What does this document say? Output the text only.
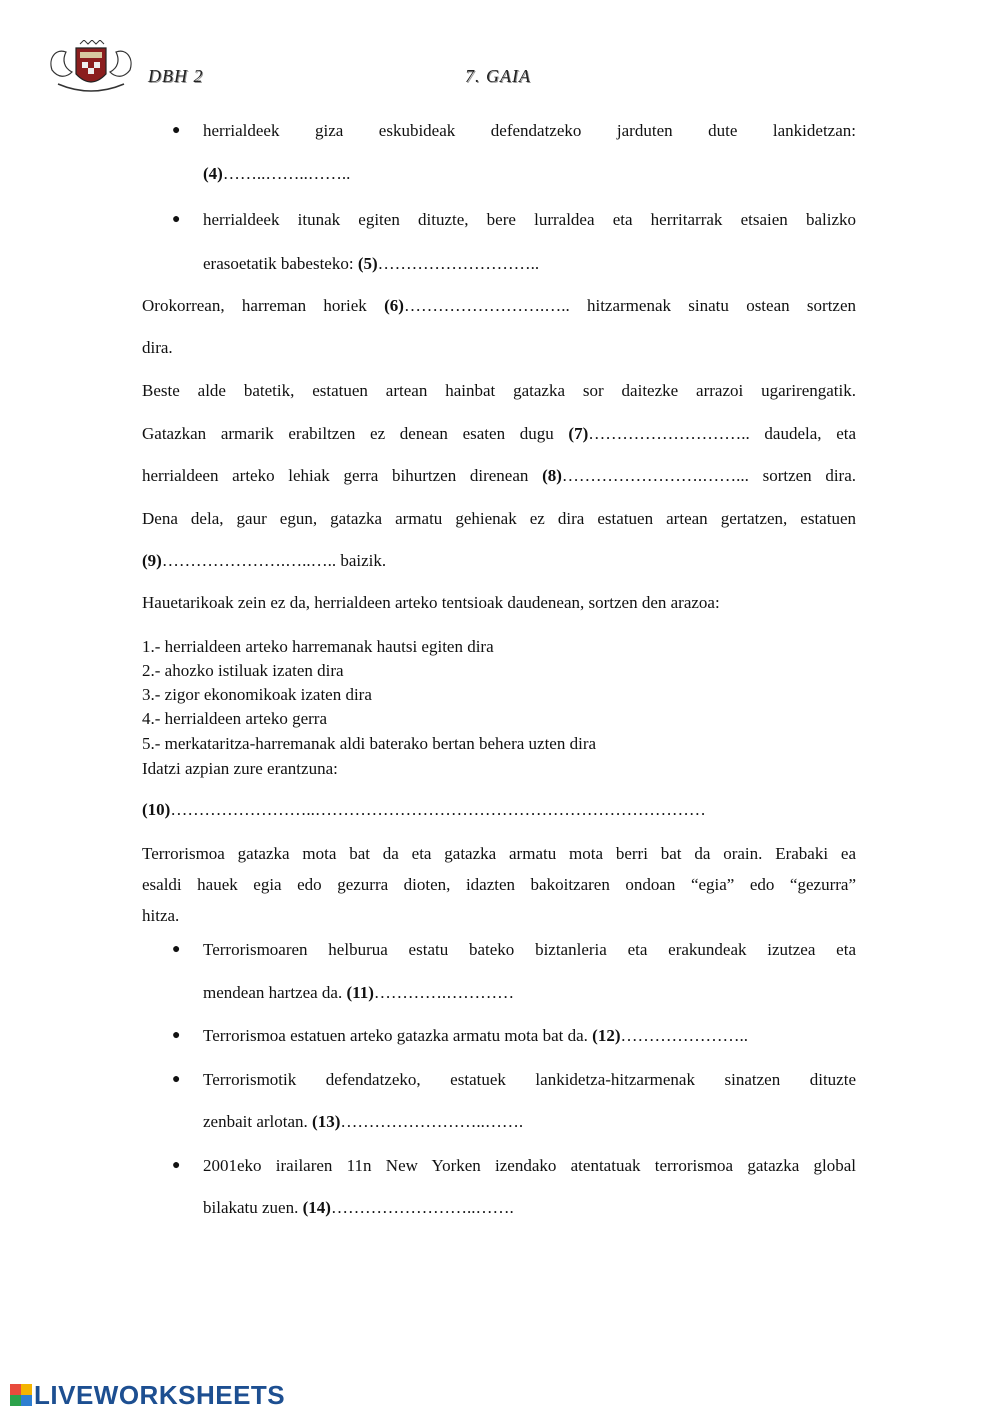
DBH 2	7. GAIA
● herrialdeek giza eskubideak defendatzeko jarduten dute lankidetzan:
(4)……..……..……..
● herrialdeek itunak egiten dituzte, bere lurraldea eta herritarrak etsaien balizko
erasoetatik babesteko: (5)………………………..
Orokorrean, harreman horiek (6)…………………….….. hitzarmenak sinatu ostean sortzen
dira.
Beste alde batetik, estatuen artean hainbat gatazka sor daitezke arrazoi ugarirengatik.
Gatazkan armarik erabiltzen ez denean esaten dugu (7)……………………….. daudela, eta
herrialdeen arteko lehiak gerra bihurtzen direnean (8)…………………….……... sortzen dira.
Dena dela, gaur egun, gatazka armatu gehienak ez dira estatuen artean gertatzen, estatuen
(9)………………….…..….. baizik.
Hauetarikoak zein ez da, herrialdeen arteko tentsioak daudenean, sortzen den arazoa:
1.- herrialdeen arteko harremanak hautsi egiten dira
2.- ahozko istiluak izaten dira
3.- zigor ekonomikoak izaten dira
4.- herrialdeen arteko gerra
5.- merkataritza-harremanak aldi baterako bertan behera uzten dira
Idatzi azpian zure erantzuna:
(10)……………………..……………………………………………………………
Terrorismoa gatazka mota bat da eta gatazka armatu mota berri bat da orain. Erabaki ea
esaldi hauek egia edo gezurra dioten, idazten bakoitzaren ondoan “egia” edo “gezurra”
hitza.
● Terrorismoaren helburua estatu bateko biztanleria eta erakundeak izutzea eta
mendean hartzea da. (11)………….…………
● Terrorismoa estatuen arteko gatazka armatu mota bat da. (12)…………………..
● Terrorismotik defendatzeko, estatuek lankidetza-hitzarmenak sinatzen dituzte
zenbait arlotan. (13)……………………..…….
● 2001eko irailaren 11n New Yorken izendako atentatuak terrorismoa gatazka global
bilakatu zuen. (14)……………………..…….
LIVEWORKSHEETS
